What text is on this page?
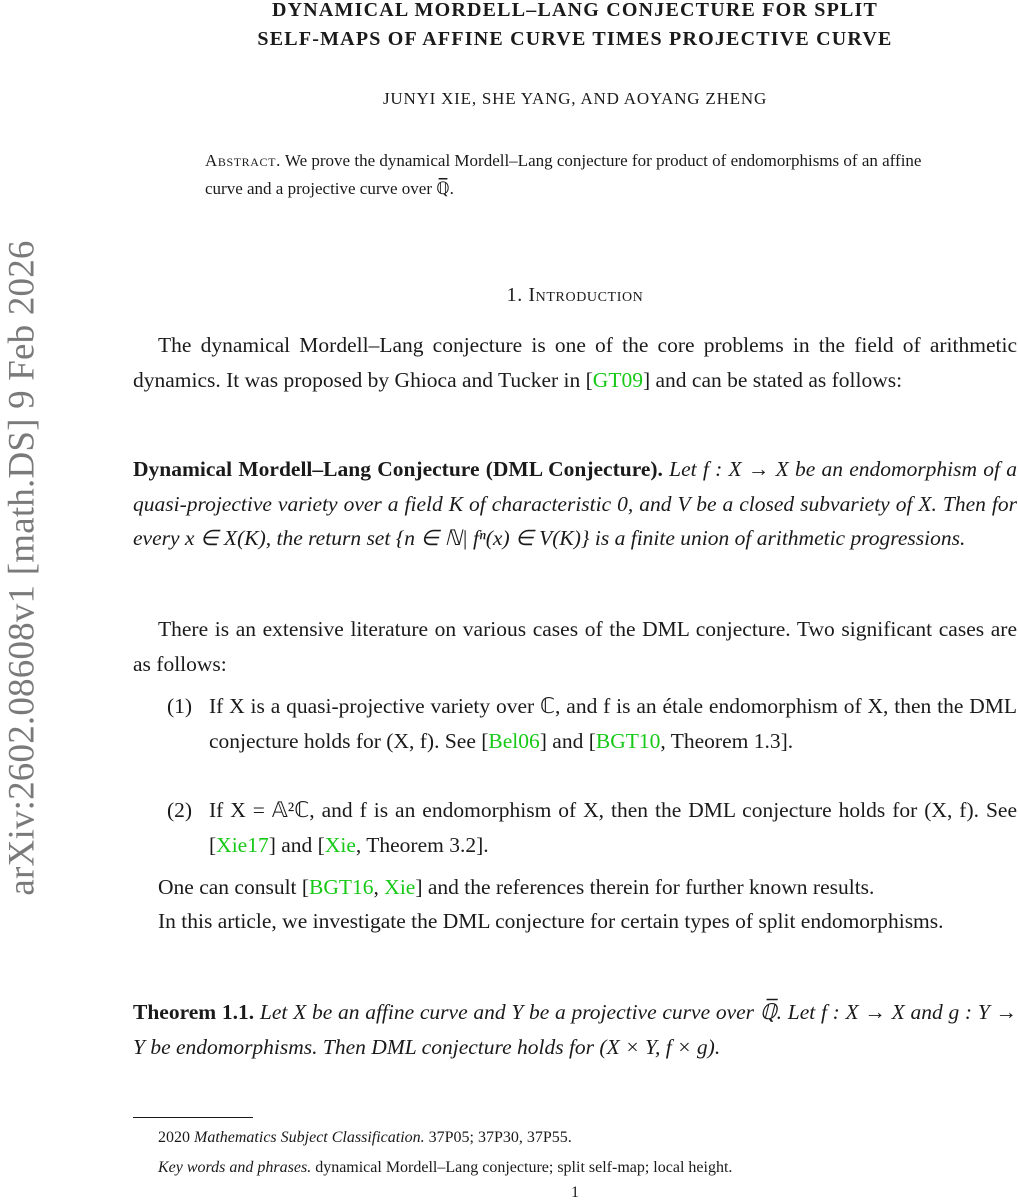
arXiv:2602.08608v1 [math.DS] 9 Feb 2026
DYNAMICAL MORDELL–LANG CONJECTURE FOR SPLIT
SELF-MAPS OF AFFINE CURVE TIMES PROJECTIVE CURVE
JUNYI XIE, SHE YANG, AND AOYANG ZHENG
Abstract. We prove the dynamical Mordell–Lang conjecture for product of endomorphisms of an affine curve and a projective curve over ℚ̅.
1. Introduction
The dynamical Mordell–Lang conjecture is one of the core problems in the field of arithmetic dynamics. It was proposed by Ghioca and Tucker in [GT09] and can be stated as follows:
Dynamical Mordell–Lang Conjecture (DML Conjecture). Let f : X → X be an endomorphism of a quasi-projective variety over a field K of characteristic 0, and V be a closed subvariety of X. Then for every x ∈ X(K), the return set {n ∈ ℕ| fⁿ(x) ∈ V(K)} is a finite union of arithmetic progressions.
There is an extensive literature on various cases of the DML conjecture. Two significant cases are as follows:
(1) If X is a quasi-projective variety over ℂ, and f is an étale endomorphism of X, then the DML conjecture holds for (X, f). See [Bel06] and [BGT10, Theorem 1.3].
(2) If X = 𝔸²ℂ, and f is an endomorphism of X, then the DML conjecture holds for (X, f). See [Xie17] and [Xie, Theorem 3.2].
One can consult [BGT16, Xie] and the references therein for further known results.
In this article, we investigate the DML conjecture for certain types of split endomorphisms.
Theorem 1.1. Let X be an affine curve and Y be a projective curve over ℚ̅. Let f : X → X and g : Y → Y be endomorphisms. Then DML conjecture holds for (X × Y, f × g).
2020 Mathematics Subject Classification. 37P05; 37P30, 37P55.
Key words and phrases. dynamical Mordell–Lang conjecture; split self-map; local height.
1
